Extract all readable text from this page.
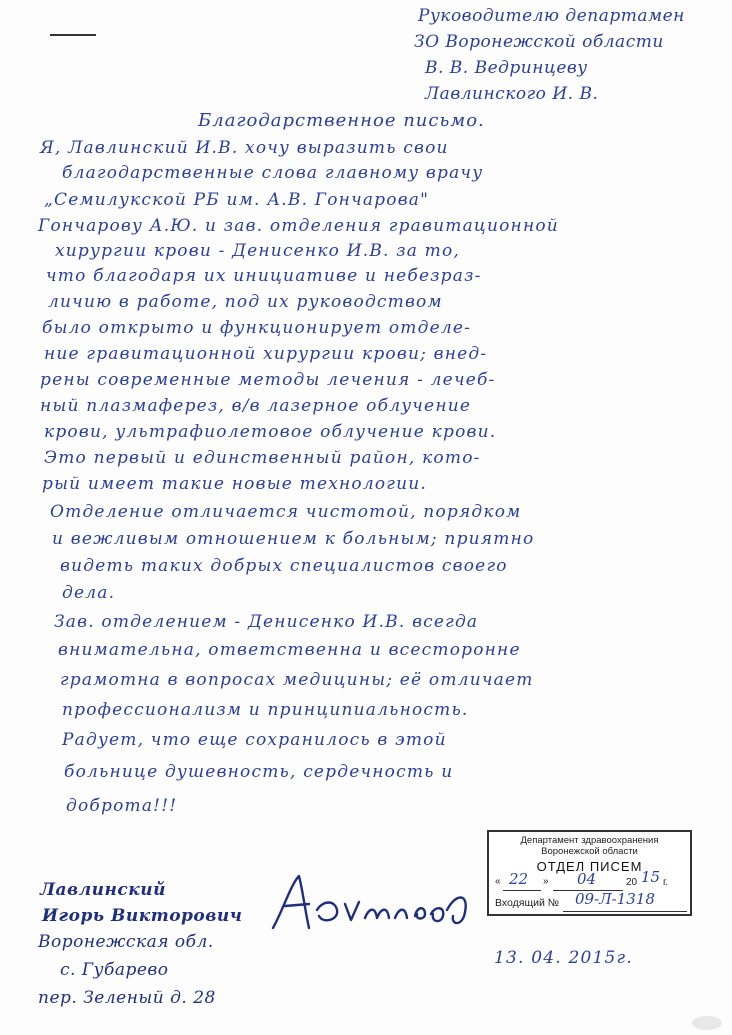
Руководителю департамен
ЗО Воронежской области
В. В. Ведринцеву
Лавлинского И. В.
Благодарственное письмо.
Я, Лавлинский И.В. хочу выразить свои
благодарственные слова главному врачу
„Семилукской РБ им. А.В. Гончарова"
Гончарову А.Ю. и зав. отделения гравитационной
хирургии крови - Денисенко И.В. за то,
что благодаря их инициативе и небезраз-
личию в работе, под их руководством
было открыто и функционирует отделе-
ние гравитационной хирургии крови; внед-
рены современные методы лечения - лечеб-
ный плазмаферез, в/в лазерное облучение
крови, ультрафиолетовое облучение крови.
Это первый и единственный район, кото-
рый имеет такие новые технологии.
Отделение отличается чистотой, порядком
и вежливым отношением к больным; приятно
видеть таких добрых специалистов своего
дела.
Зав. отделением - Денисенко И.В. всегда
внимательна, ответственна и всесторонне
грамотна в вопросах медицины; её отличает
профессионализм и принципиальность.
Радует, что еще сохранилось в этой
больнице душевность, сердечность и
доброта!!!
Департамент здравоохранения
Воронежской области
ОТДЕЛ ПИСЕМ
« 22 » 04	20 15 г.
Входящий № 09-Л-1318
Лавлинский
Игорь Викторович
Воронежская обл.
с. Губарево
пер. Зеленый д. 28
13. 04. 2015г.
